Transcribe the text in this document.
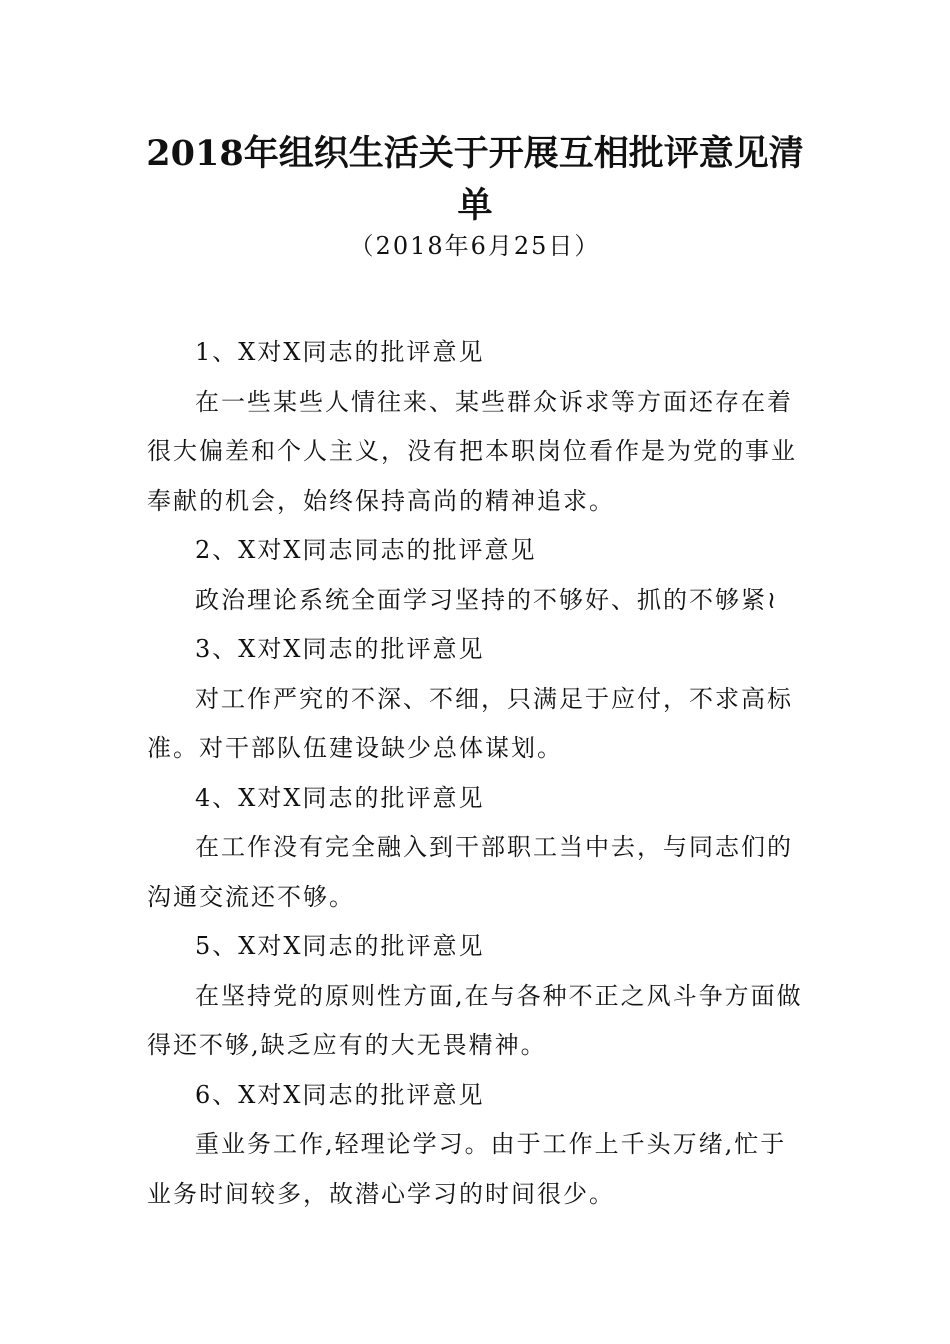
2018年组织生活关于开展互相批评意见清单
（2018年6月25日）

1、X对X同志的批评意见

在一些某些人情往来、某些群众诉求等方面还存在着很大偏差和个人主义，没有把本职岗位看作是为党的事业奉献的机会，始终保持高尚的精神追求。

2、X对X同志同志的批评意见

政治理论系统全面学习坚持的不够好、抓的不够紧≀

3、X对X同志的批评意见

对工作严究的不深、不细，只满足于应付，不求高标准。对干部队伍建设缺少总体谋划。

4、X对X同志的批评意见

在工作没有完全融入到干部职工当中去，与同志们的沟通交流还不够。

5、X对X同志的批评意见

在坚持党的原则性方面,在与各种不正之风斗争方面做得还不够,缺乏应有的大无畏精神。

6、X对X同志的批评意见

重业务工作,轻理论学习。由于工作上千头万绪,忙于业务时间较多，故潜心学习的时间很少。
